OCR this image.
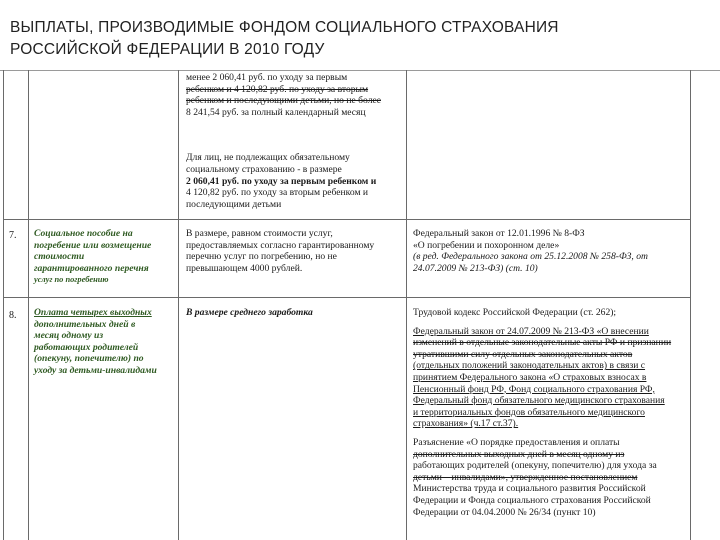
ВЫПЛАТЫ, ПРОИЗВОДИМЫЕ ФОНДОМ СОЦИАЛЬНОГО СТРАХОВАНИЯ
РОССИЙСКОЙ ФЕДЕРАЦИИ В 2010 ГОДУ
менее 2 060,41 руб. по уходу за первым
ребенком и 4 120,82 руб. по уходу за вторым
ребенком и последующими детьми, но не более
8 241,54 руб. за полный календарный месяц
Для лиц, не подлежащих обязательному
социальному страхованию - в размере
2 060,41 руб. по уходу за первым ребенком и
4 120,82 руб. по уходу за вторым ребенком и
последующими детьми
7. Социальное пособие на
погребение или возмещение
стоимости
гарантированного перечня
услуг по погребению
В размере, равном стоимости услуг,
предоставляемых согласно гарантированному
перечню услуг по погребению, но не
превышающем 4000 рублей.
Федеральный закон от 12.01.1996 № 8-ФЗ
«О погребении и похоронном деле»
(в ред. Федерального закона от 25.12.2008 № 258-ФЗ, от
24.07.2009 № 213-ФЗ) (ст. 10)
8. Оплата четырех выходных
дополнительных дней в
месяц одному из
работающих родителей
(опекуну, попечителю) по
уходу за детьми-инвалидами
В размере среднего заработка	Трудовой кодекс Российской Федерации (ст. 262);
Федеральный закон от 24.07.2009 № 213-ФЗ «О внесении
изменений в отдельные законодательные акты РФ и признании
утратившими силу отдельных законодательных актов
(отдельных положений законодательных актов) в связи с
принятием Федерального закона «О страховых взносах в
Пенсионный фонд РФ, Фонд социального страхования РФ,
Федеральный фонд обязательного медицинского страхования
и территориальных фондов обязательного медицинского
страхования» (ч.17 ст.37).
Разъяснение «О порядке предоставления и оплаты
дополнительных выходных дней в месяц одному из
работающих родителей (опекуну, попечителю) для ухода за
детьми – инвалидами», утвержденное постановлением
Министерства труда и социального развития Российской
Федерации и Фонда социального страхования Российской
Федерации от 04.04.2000 № 26/34 (пункт 10)
